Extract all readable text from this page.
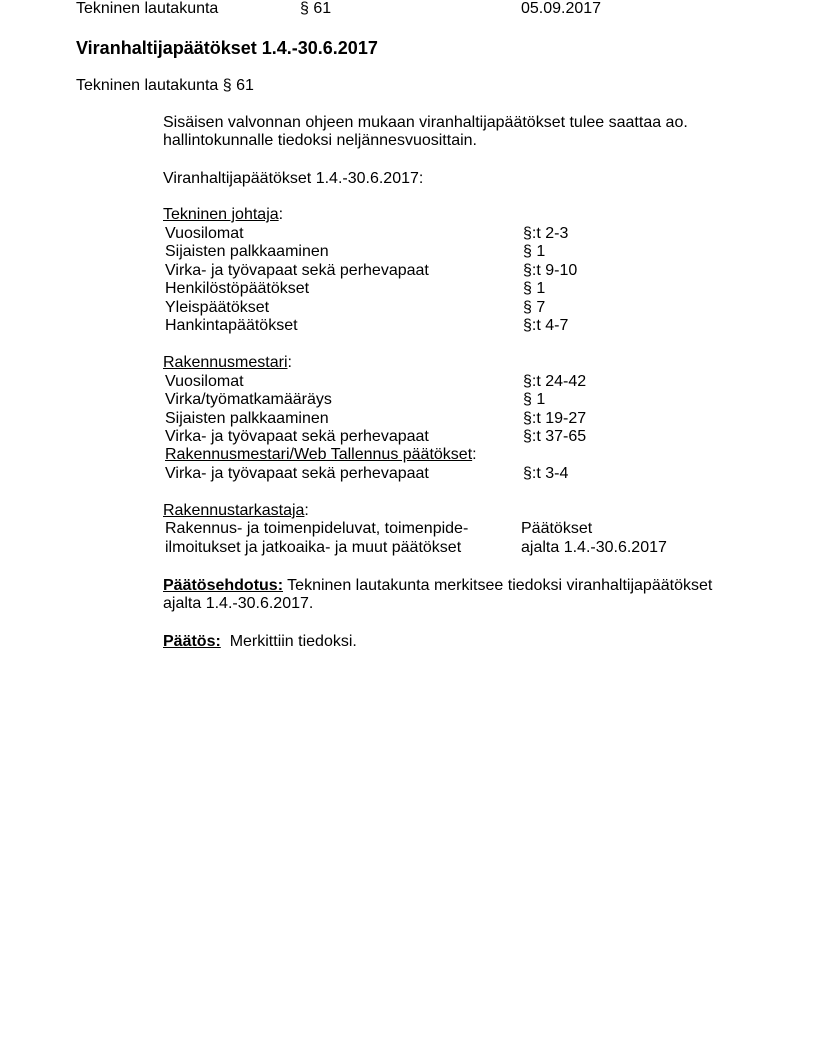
Tekninen lautakunta	§ 61	05.09.2017
Viranhaltijapäätökset 1.4.-30.6.2017
Tekninen lautakunta § 61
Sisäisen valvonnan ohjeen mukaan viranhaltijapäätökset tulee saattaa ao.
hallintokunnalle tiedoksi neljännesvuosittain.
Viranhaltijapäätökset 1.4.-30.6.2017:
Tekninen johtaja:
Vuosilomat	§:t 2-3
Sijaisten palkkaaminen	§ 1
Virka- ja työvapaat sekä perhevapaat	§:t 9-10
Henkilöstöpäätökset	§ 1
Yleispäätökset	§ 7
Hankintapäätökset	§:t 4-7
Rakennusmestari:
Vuosilomat	§:t 24-42
Virka/työmatkamääräys	§ 1
Sijaisten palkkaaminen	§:t 19-27
Virka- ja työvapaat sekä perhevapaat	§:t 37-65
Rakennusmestari/Web Tallennus päätökset:
Virka- ja työvapaat sekä perhevapaat	§:t 3-4
Rakennustarkastaja:
Rakennus- ja toimenpideluvat, toimenpide-	Päätökset
ilmoitukset ja jatkoaika- ja muut päätökset	ajalta 1.4.-30.6.2017
Päätösehdotus: Tekninen lautakunta merkitsee tiedoksi viranhaltijapäätökset
ajalta 1.4.-30.6.2017.
Päätös:  Merkittiin tiedoksi.
